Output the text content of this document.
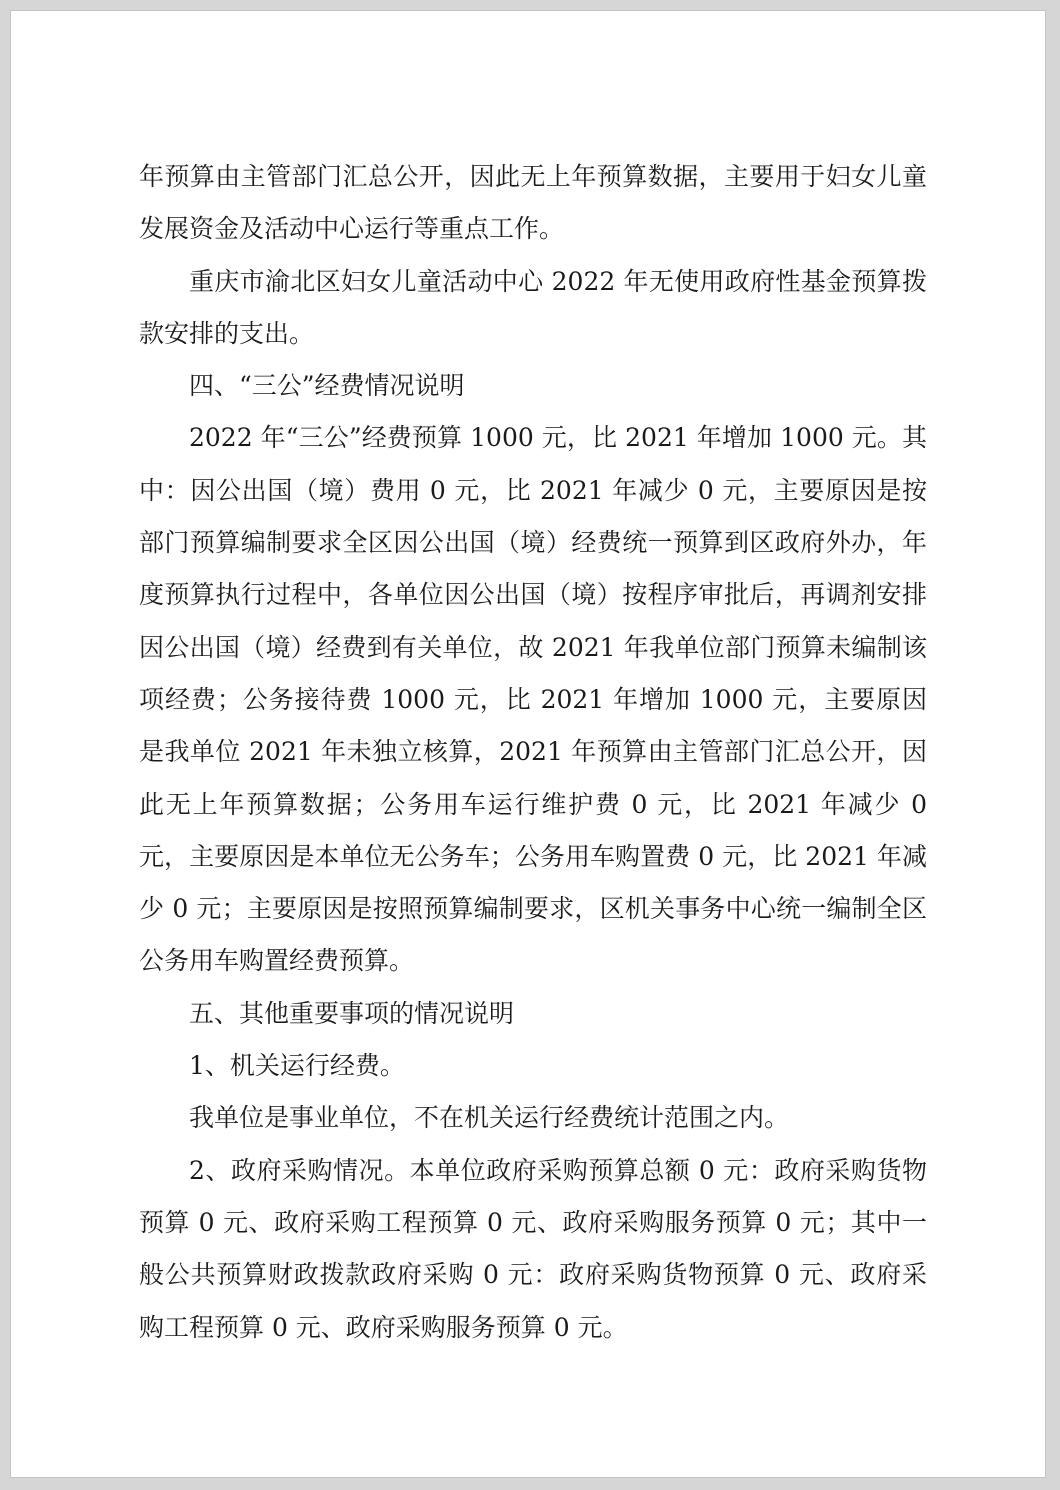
年预算由主管部门汇总公开，因此无上年预算数据，主要用于妇女儿童发展资金及活动中心运行等重点工作。

重庆市渝北区妇女儿童活动中心 2022 年无使用政府性基金预算拨款安排的支出。

四、“三公”经费情况说明

2022 年“三公”经费预算 1000 元，比 2021 年增加 1000 元。其中：因公出国（境）费用 0 元，比 2021 年减少 0 元，主要原因是按部门预算编制要求全区因公出国（境）经费统一预算到区政府外办，年度预算执行过程中，各单位因公出国（境）按程序审批后，再调剂安排因公出国（境）经费到有关单位，故 2021 年我单位部门预算未编制该项经费；公务接待费 1000 元，比 2021 年增加 1000 元，主要原因是我单位 2021 年未独立核算，2021 年预算由主管部门汇总公开，因此无上年预算数据；公务用车运行维护费 0 元，比 2021 年减少 0 元，主要原因是本单位无公务车；公务用车购置费 0 元，比 2021 年减少 0 元；主要原因是按照预算编制要求，区机关事务中心统一编制全区公务用车购置经费预算。

五、其他重要事项的情况说明

1、机关运行经费。

我单位是事业单位，不在机关运行经费统计范围之内。

2、政府采购情况。本单位政府采购预算总额 0 元：政府采购货物预算 0 元、政府采购工程预算 0 元、政府采购服务预算 0 元；其中一般公共预算财政拨款政府采购 0 元：政府采购货物预算 0 元、政府采购工程预算 0 元、政府采购服务预算 0 元。
